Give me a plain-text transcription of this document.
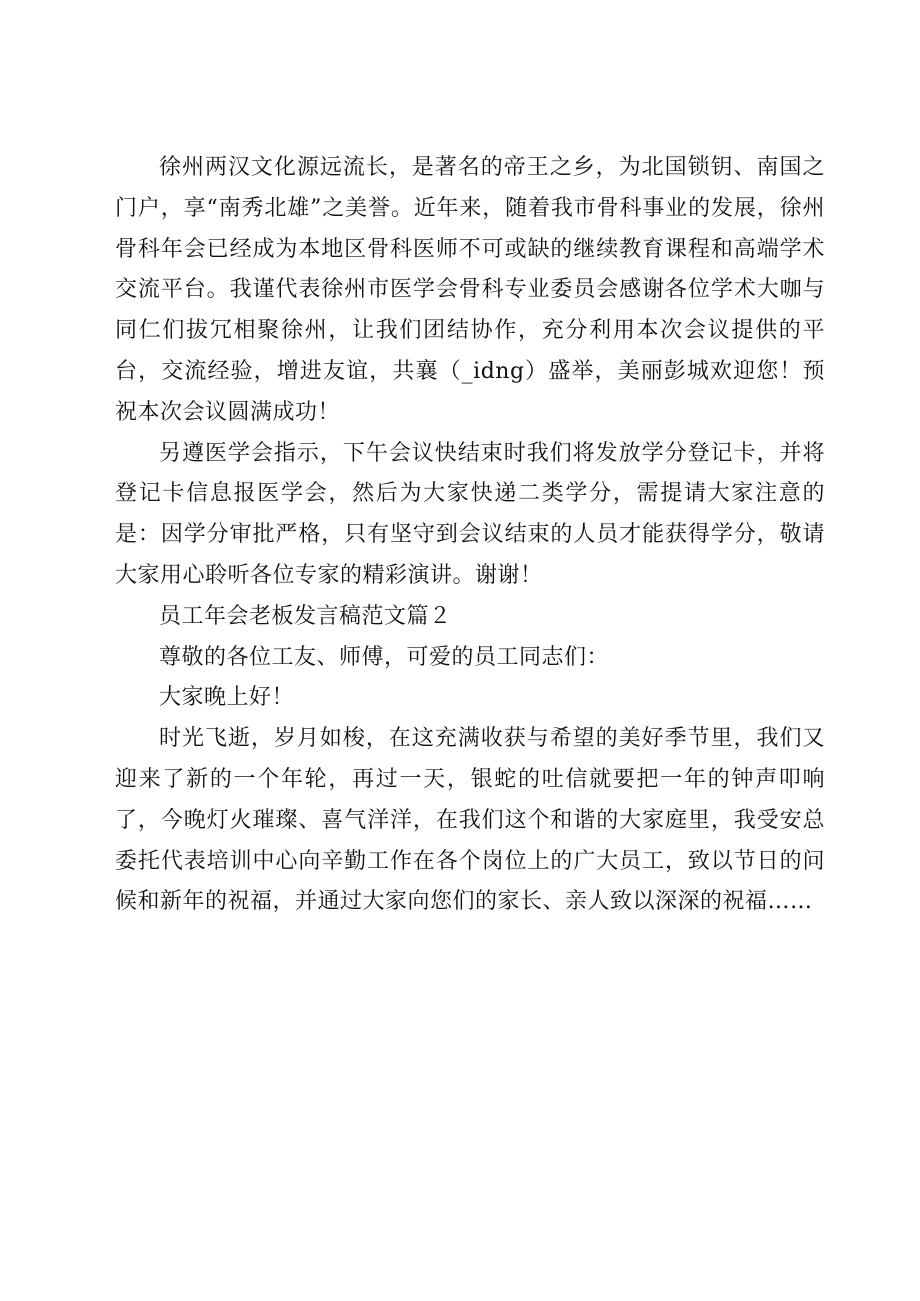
徐州两汉文化源远流长，是著名的帝王之乡，为北国锁钥、南国之门户，享“南秀北雄”之美誉。近年来，随着我市骨科事业的发展，徐州骨科年会已经成为本地区骨科医师不可或缺的继续教育课程和高端学术交流平台。我谨代表徐州市医学会骨科专业委员会感谢各位学术大咖与同仁们拔冗相聚徐州，让我们团结协作，充分利用本次会议提供的平台，交流经验，增进友谊，共襄（_idng）盛举，美丽彭城欢迎您！预祝本次会议圆满成功！

另遵医学会指示，下午会议快结束时我们将发放学分登记卡，并将登记卡信息报医学会，然后为大家快递二类学分，需提请大家注意的是：因学分审批严格，只有坚守到会议结束的人员才能获得学分，敬请大家用心聆听各位专家的精彩演讲。谢谢！

员工年会老板发言稿范文篇２

尊敬的各位工友、师傅，可爱的员工同志们：

大家晚上好！

时光飞逝，岁月如梭，在这充满收获与希望的美好季节里，我们又迎来了新的一个年轮，再过一天，银蛇的吐信就要把一年的钟声叩响了，今晚灯火璀璨、喜气洋洋，在我们这个和谐的大家庭里，我受安总委托代表培训中心向辛勤工作在各个岗位上的广大员工，致以节日的问候和新年的祝福，并通过大家向您们的家长、亲人致以深深的祝福……
